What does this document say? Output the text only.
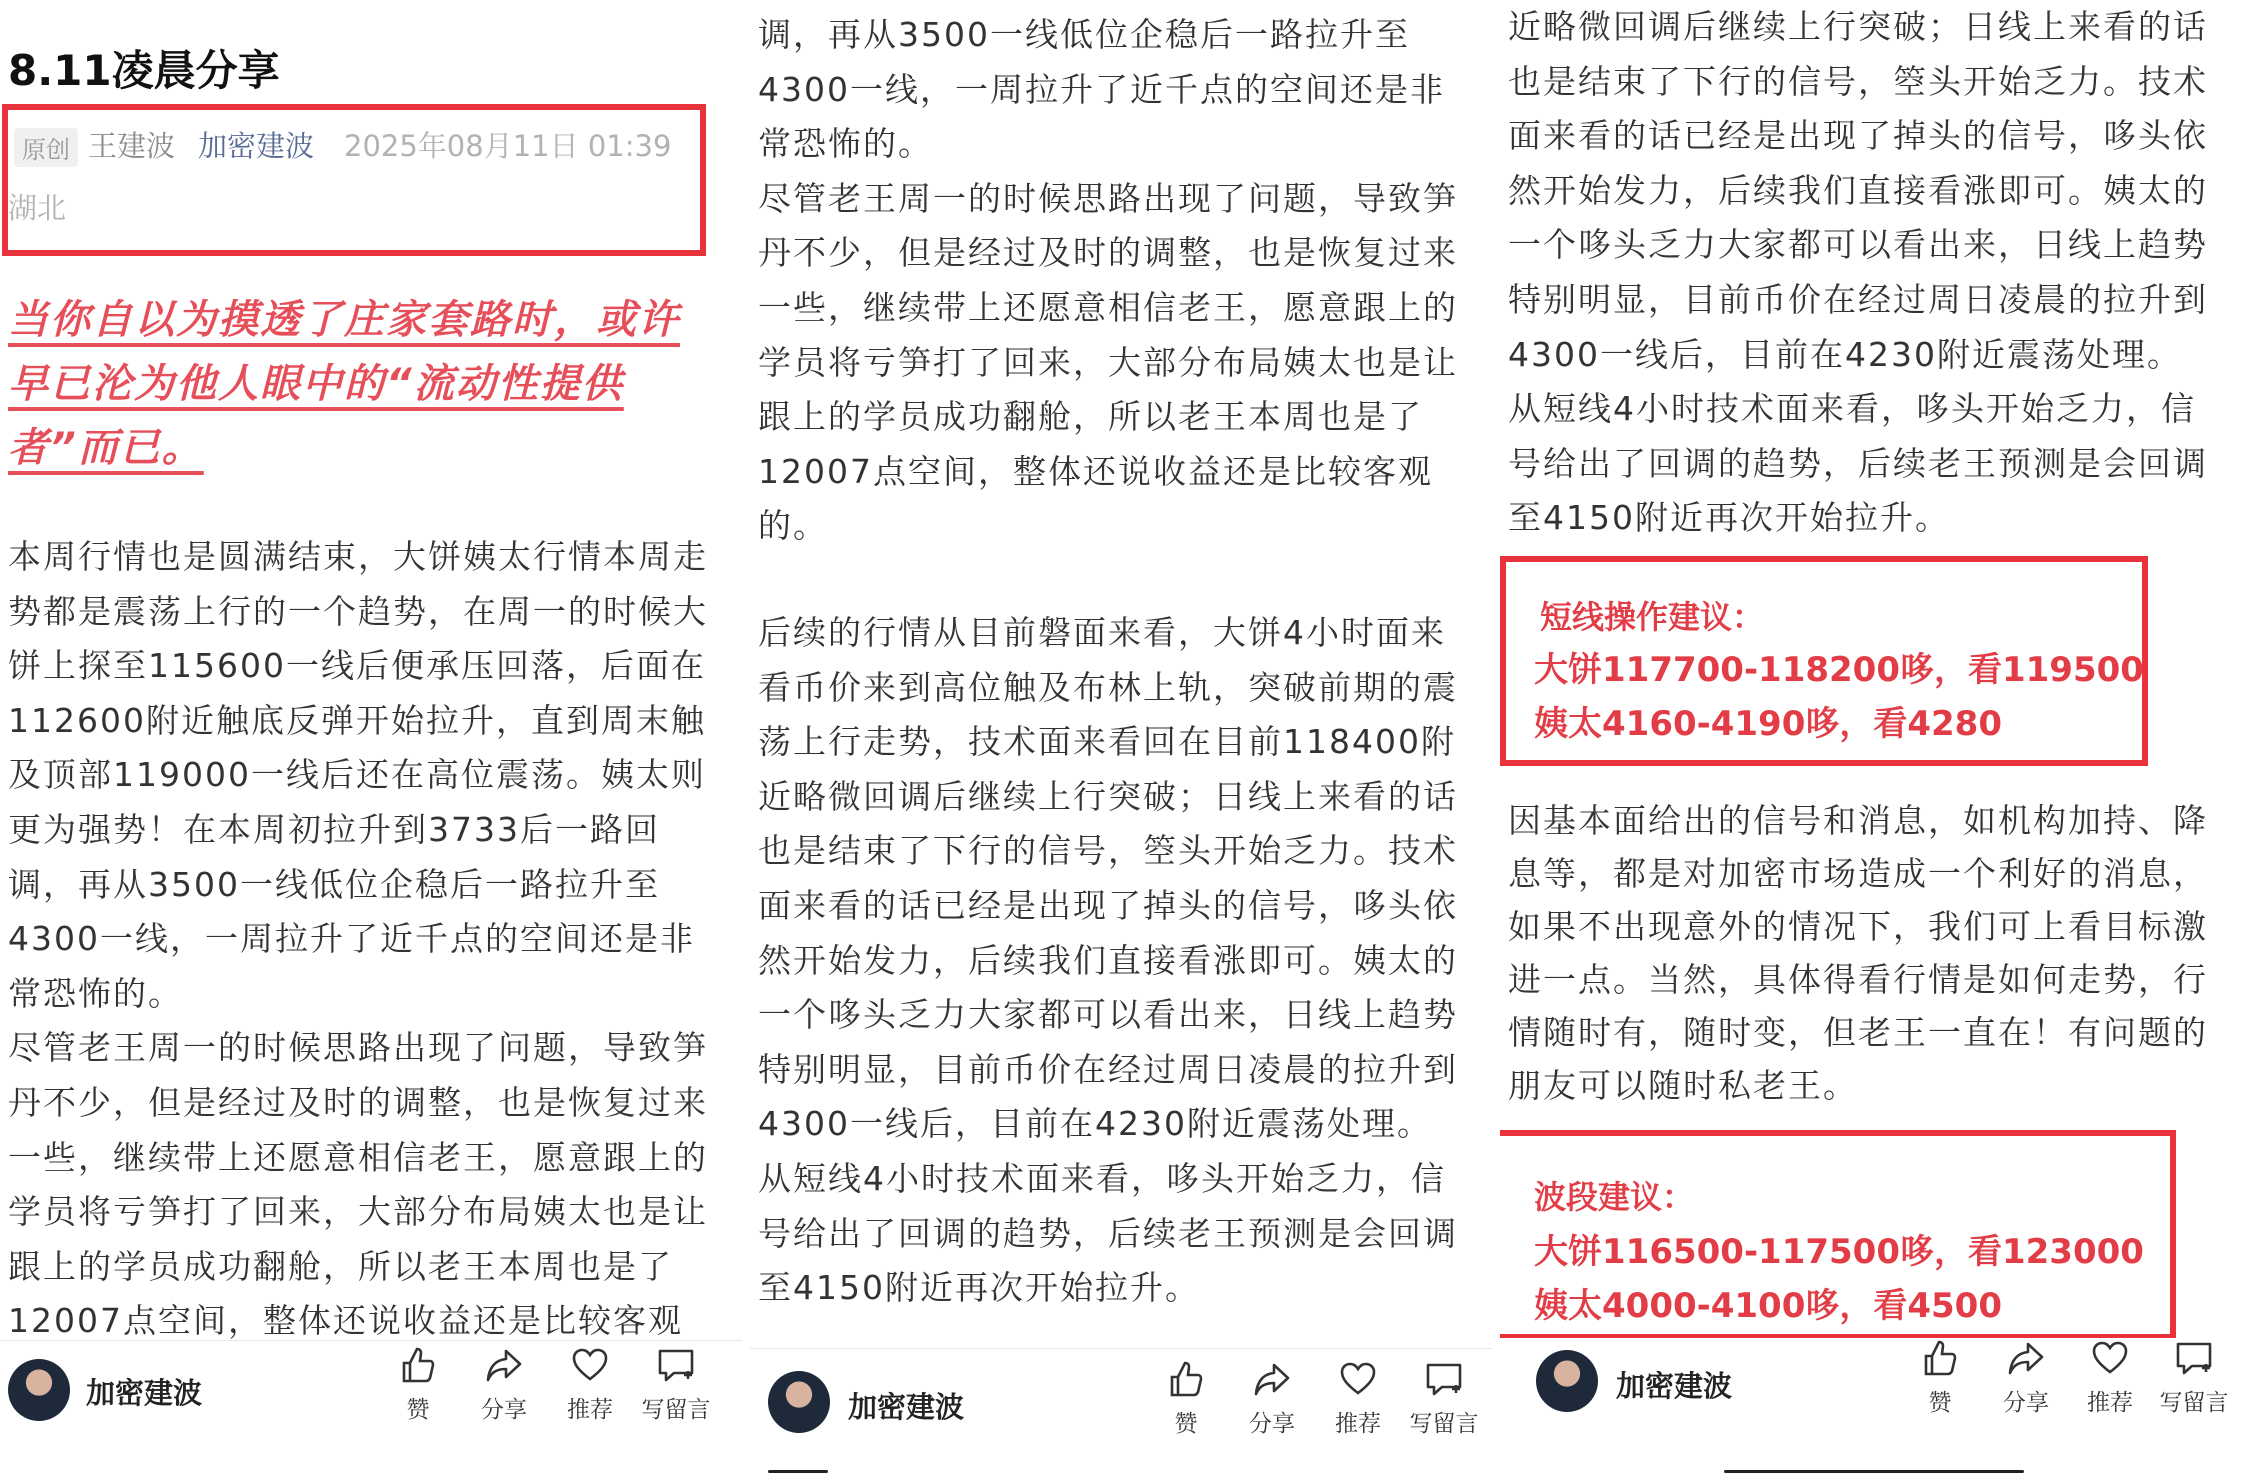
8.11凌晨分享
原创 王建波 加密建波 2025年08月11日 01:39
湖北

当你自以为摸透了庄家套路时，或许早已沦为他人眼中的“流动性提供者”而已。

本周行情也是圆满结束，大饼姨太行情本周走
势都是震荡上行的一个趋势，在周一的时候大
饼上探至115600一线后便承压回落，后面在
112600附近触底反弹开始拉升，直到周末触
及顶部119000一线后还在高位震荡。姨太则
更为强势！在本周初拉升到3733后一路回
调，再从3500一线低位企稳后一路拉升至
4300一线，一周拉升了近千点的空间还是非
常恐怖的。
尽管老王周一的时候思路出现了问题，导致笋
丹不少，但是经过及时的调整，也是恢复过来
一些，继续带上还愿意相信老王，愿意跟上的
学员将亏笋打了回来，大部分布局姨太也是让
跟上的学员成功翻舱，所以老王本周也是了
12007点空间，整体还说收益还是比较客观
加密建波	赞	分享	推荐	写留言
调，再从3500一线低位企稳后一路拉升至
4300一线，一周拉升了近千点的空间还是非
常恐怖的。
尽管老王周一的时候思路出现了问题，导致笋
丹不少，但是经过及时的调整，也是恢复过来
一些，继续带上还愿意相信老王，愿意跟上的
学员将亏笋打了回来，大部分布局姨太也是让
跟上的学员成功翻舱，所以老王本周也是了
12007点空间，整体还说收益还是比较客观
的。
后续的行情从目前磐面来看，大饼4小时面来
看币价来到高位触及布林上轨，突破前期的震
荡上行走势，技术面来看回在目前118400附
近略微回调后继续上行突破；日线上来看的话
也是结束了下行的信号，箜头开始乏力。技术
面来看的话已经是出现了掉头的信号，哆头依
然开始发力，后续我们直接看涨即可。姨太的
一个哆头乏力大家都可以看出来，日线上趋势
特别明显，目前币价在经过周日凌晨的拉升到
4300一线后，目前在4230附近震荡处理。
从短线4小时技术面来看，哆头开始乏力，信
号给出了回调的趋势，后续老王预测是会回调
至4150附近再次开始拉升。
加密建波	赞	分享	推荐	写留言
近略微回调后继续上行突破；日线上来看的话
也是结束了下行的信号，箜头开始乏力。技术
面来看的话已经是出现了掉头的信号，哆头依
然开始发力，后续我们直接看涨即可。姨太的
一个哆头乏力大家都可以看出来，日线上趋势
特别明显，目前币价在经过周日凌晨的拉升到
4300一线后，目前在4230附近震荡处理。
从短线4小时技术面来看，哆头开始乏力，信
号给出了回调的趋势，后续老王预测是会回调
至4150附近再次开始拉升。
短线操作建议：
大饼117700-118200哆，看119500
姨太4160-4190哆，看4280
因基本面给出的信号和消息，如机构加持、降
息等，都是对加密市场造成一个利好的消息，
如果不出现意外的情况下，我们可上看目标激
进一点。当然，具体得看行情是如何走势，行
情随时有，随时变，但老王一直在！有问题的
朋友可以随时私老王。
波段建议：
大饼116500-117500哆，看123000
姨太4000-4100哆，看4500
加密建波	赞	分享	推荐	写留言
